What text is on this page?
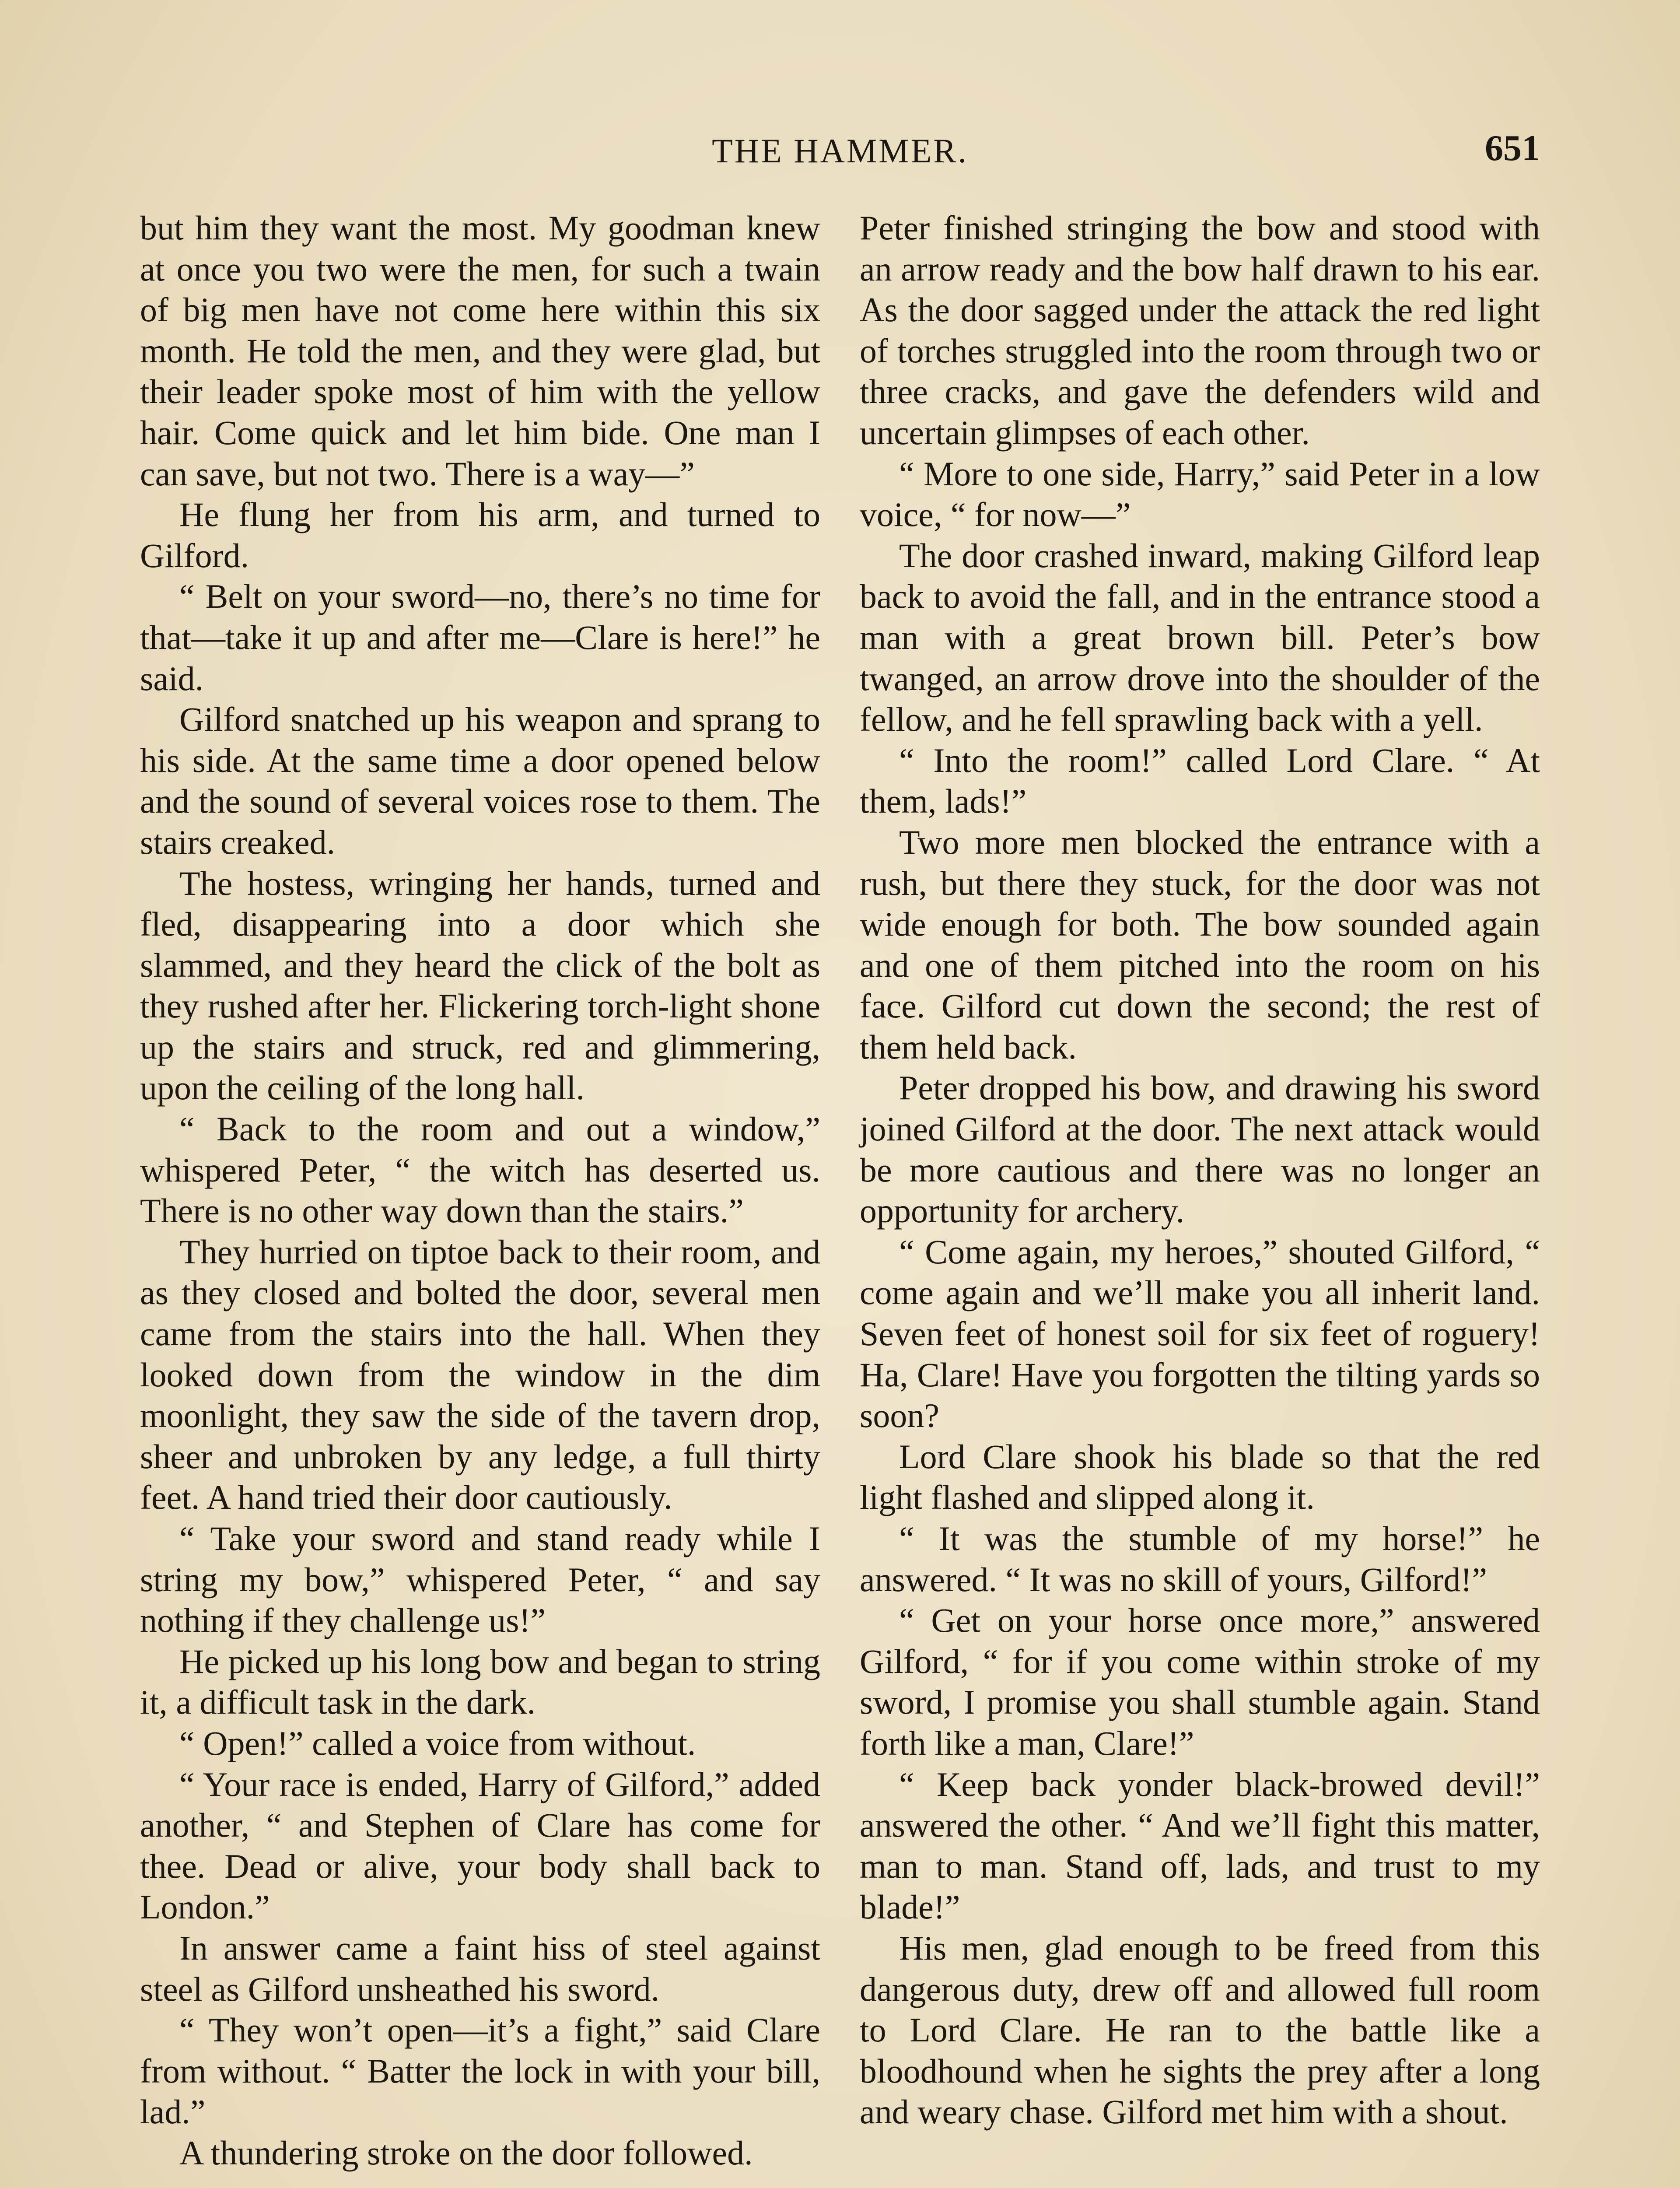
THE HAMMER.	651

but him they want the most. My goodman knew at once you two were the men, for such a twain of big men have not come here within this six month. He told the men, and they were glad, but their leader spoke most of him with the yellow hair. Come quick and let him bide. One man I can save, but not two. There is a way—”

He flung her from his arm, and turned to Gilford.

“ Belt on your sword—no, there’s no time for that—take it up and after me—Clare is here!” he said.

Gilford snatched up his weapon and sprang to his side. At the same time a door opened below and the sound of several voices rose to them. The stairs creaked.

The hostess, wringing her hands, turned and fled, disappearing into a door which she slammed, and they heard the click of the bolt as they rushed after her. Flickering torch-light shone up the stairs and struck, red and glimmering, upon the ceiling of the long hall.

“ Back to the room and out a window,” whispered Peter, “ the witch has deserted us. There is no other way down than the stairs.”

They hurried on tiptoe back to their room, and as they closed and bolted the door, several men came from the stairs into the hall. When they looked down from the window in the dim moonlight, they saw the side of the tavern drop, sheer and unbroken by any ledge, a full thirty feet. A hand tried their door cautiously.

“ Take your sword and stand ready while I string my bow,” whispered Peter, “ and say nothing if they challenge us!”

He picked up his long bow and began to string it, a difficult task in the dark.

“ Open!” called a voice from without.

“ Your race is ended, Harry of Gilford,” added another, “ and Stephen of Clare has come for thee. Dead or alive, your body shall back to London.”

In answer came a faint hiss of steel against steel as Gilford unsheathed his sword.

“ They won’t open—it’s a fight,” said Clare from without. “ Batter the lock in with your bill, lad.”

A thundering stroke on the door followed.

Peter finished stringing the bow and stood with an arrow ready and the bow half drawn to his ear. As the door sagged under the attack the red light of torches struggled into the room through two or three cracks, and gave the defenders wild and uncertain glimpses of each other.

“ More to one side, Harry,” said Peter in a low voice, “ for now—”

The door crashed inward, making Gilford leap back to avoid the fall, and in the entrance stood a man with a great brown bill. Peter’s bow twanged, an arrow drove into the shoulder of the fellow, and he fell sprawling back with a yell.

“ Into the room!” called Lord Clare. “ At them, lads!”

Two more men blocked the entrance with a rush, but there they stuck, for the door was not wide enough for both. The bow sounded again and one of them pitched into the room on his face. Gilford cut down the second; the rest of them held back.

Peter dropped his bow, and drawing his sword joined Gilford at the door. The next attack would be more cautious and there was no longer an opportunity for archery.

“ Come again, my heroes,” shouted Gilford, “ come again and we’ll make you all inherit land. Seven feet of honest soil for six feet of roguery! Ha, Clare! Have you forgotten the tilting yards so soon?

Lord Clare shook his blade so that the red light flashed and slipped along it.

“ It was the stumble of my horse!” he answered. “ It was no skill of yours, Gilford!”

“ Get on your horse once more,” answered Gilford, “ for if you come within stroke of my sword, I promise you shall stumble again. Stand forth like a man, Clare!”

“ Keep back yonder black-browed devil!” answered the other. “ And we’ll fight this matter, man to man. Stand off, lads, and trust to my blade!”

His men, glad enough to be freed from this dangerous duty, drew off and allowed full room to Lord Clare. He ran to the battle like a bloodhound when he sights the prey after a long and weary chase. Gilford met him with a shout.
